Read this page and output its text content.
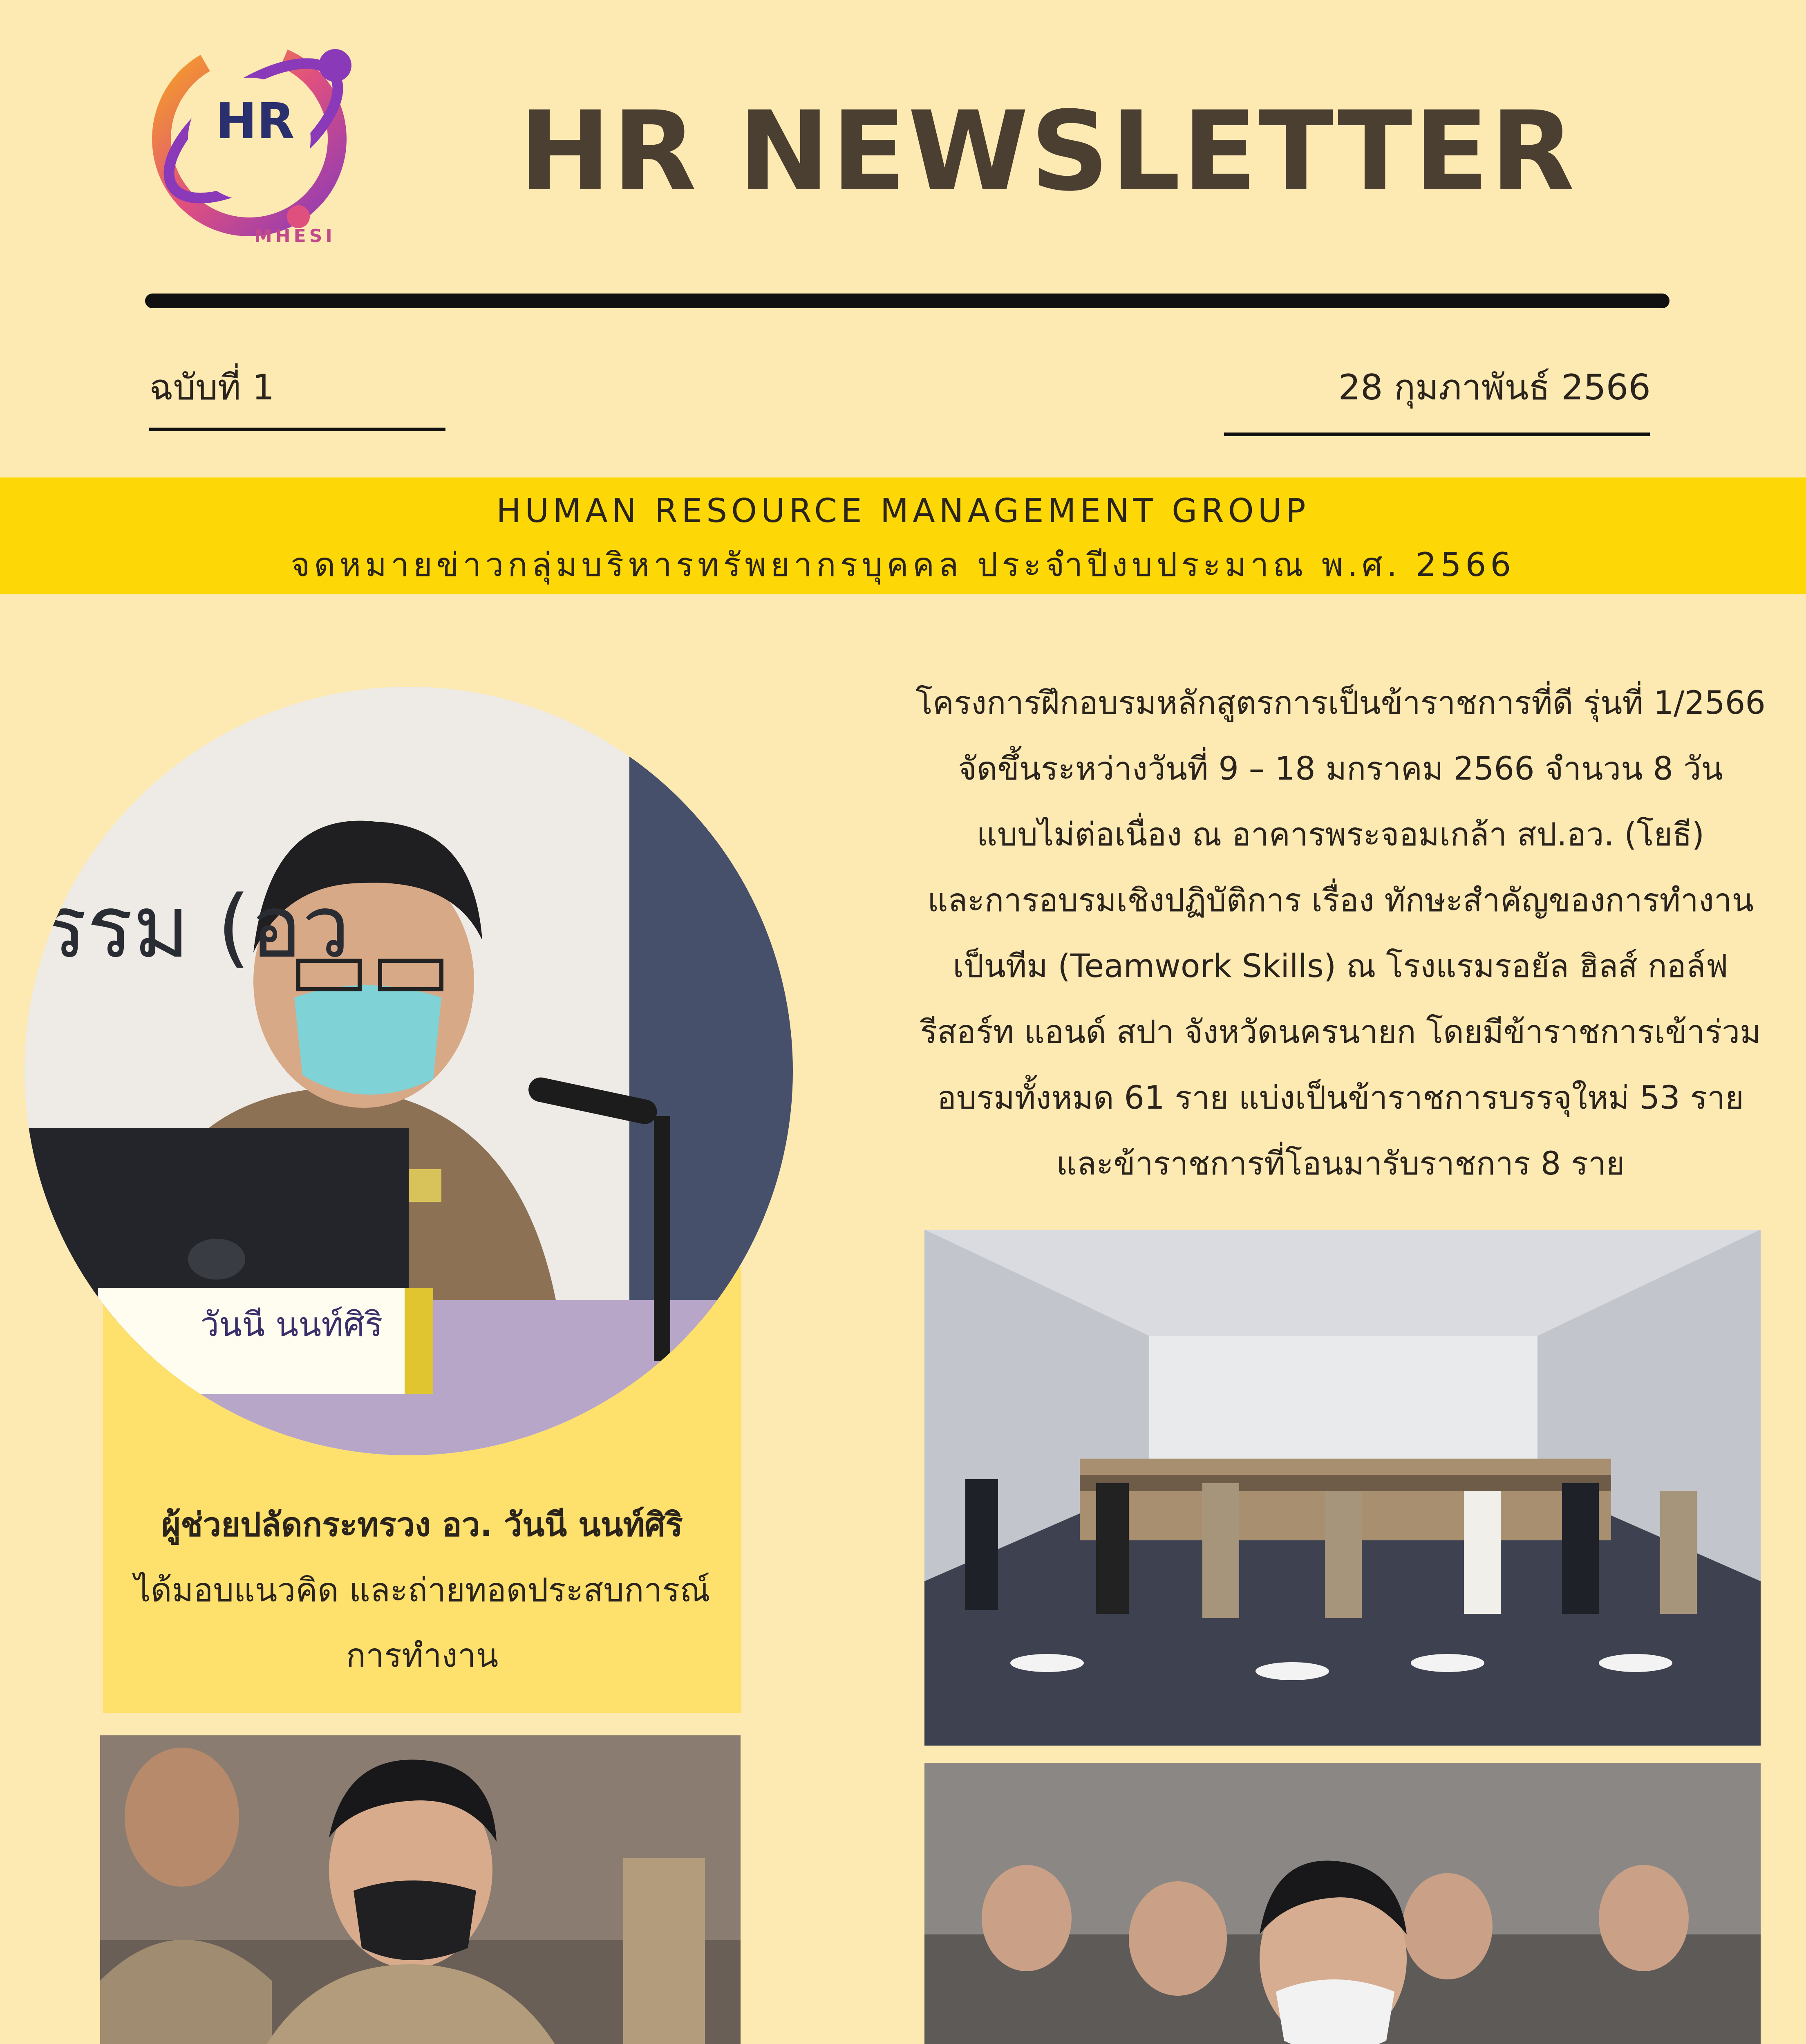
HR
MHESI
HR NEWSLETTER
ฉบับที่ 1	28 กุมภาพันธ์ 2566
HUMAN RESOURCE MANAGEMENT GROUP
จดหมายข่าวกลุ่มบริหารทรัพยากรบุคคล ประจำปีงบประมาณ พ.ศ. 2566

โครงการฝึกอบรมหลักสูตรการเป็นข้าราชการที่ดี รุ่นที่ 1/2566

จัดขึ้นระหว่างวันที่ 9 – 18 มกราคม 2566 จำนวน 8 วัน

แบบไม่ต่อเนื่อง ณ อาคารพระจอมเกล้า สป.อว. (โยธี)

และการอบรมเชิงปฏิบัติการ เรื่อง ทักษะสำคัญของการทำงาน

เป็นทีม (Teamwork Skills) ณ โรงแรมรอยัล ฮิลส์ กอล์ฟ

รีสอร์ท แอนด์ สปา จังหวัดนครนายก โดยมีข้าราชการเข้าร่วม

อบรมทั้งหมด 61 ราย แบ่งเป็นข้าราชการบรรจุใหม่ 53 ราย

และข้าราชการที่โอนมารับราชการ 8 ราย

รรม (อว
วันนี นนท์ศิริ

ผู้ช่วยปลัดกระทรวง อว. วันนี นนท์ศิริ

ได้มอบแนวคิด และถ่ายทอดประสบการณ์

การทำงาน
